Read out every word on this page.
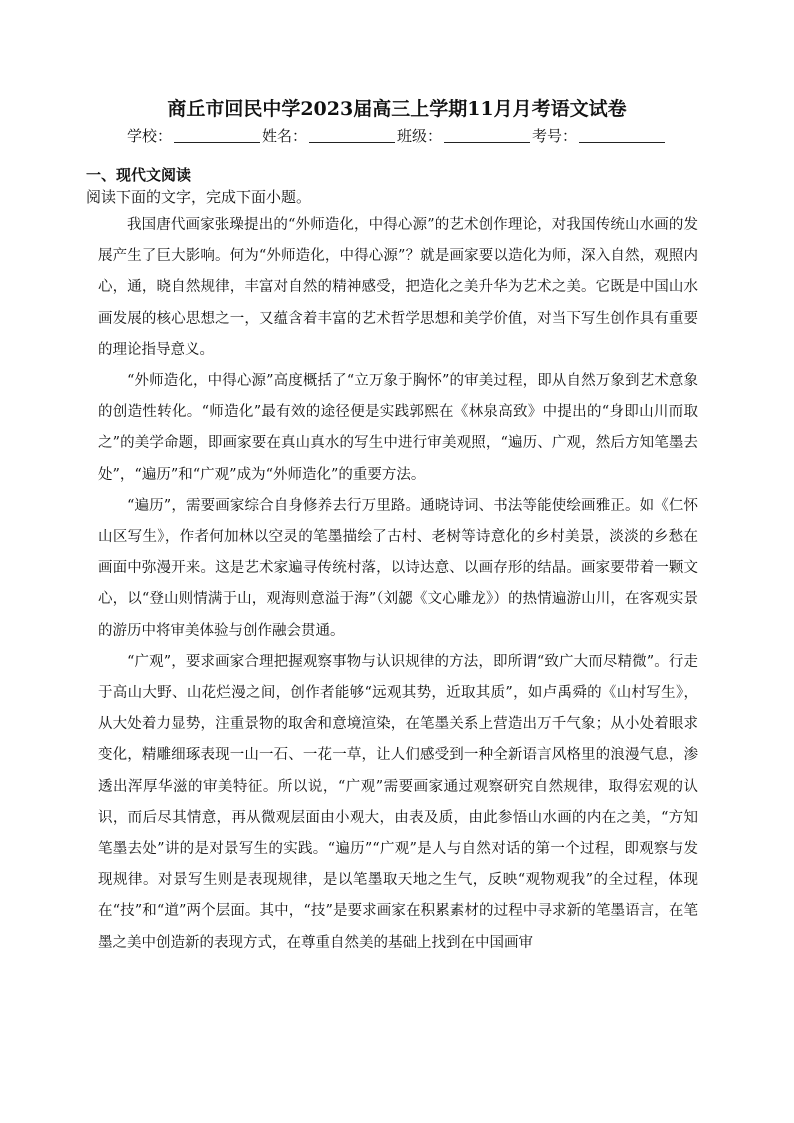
商丘市回民中学2023届高三上学期11月月考语文试卷
学校：	姓名：	班级：	考号：
一、现代文阅读
阅读下面的文字，完成下面小题。

我国唐代画家张璪提出的“外师造化，中得心源”的艺术创作理论，对我国传统山水画的发展产生了巨大影响。何为“外师造化，中得心源”？就是画家要以造化为师，深入自然，观照内心，通，晓自然规律，丰富对自然的精神感受，把造化之美升华为艺术之美。它既是中国山水画发展的核心思想之一，又蕴含着丰富的艺术哲学思想和美学价值，对当下写生创作具有重要的理论指导意义。

“外师造化，中得心源”高度概括了“立万象于胸怀”的审美过程，即从自然万象到艺术意象的创造性转化。“师造化”最有效的途径便是实践郭熙在《林泉高致》中提出的“身即山川而取之”的美学命题，即画家要在真山真水的写生中进行审美观照，“遍历、广观，然后方知笔墨去处”，“遍历”和“广观”成为“外师造化”的重要方法。

“遍历”，需要画家综合自身修养去行万里路。通晓诗词、书法等能使绘画雅正。如《仁怀山区写生》，作者何加林以空灵的笔墨描绘了古村、老树等诗意化的乡村美景，淡淡的乡愁在画面中弥漫开来。这是艺术家遍寻传统村落，以诗达意、以画存形的结晶。画家要带着一颗文心，以“登山则情满于山，观海则意溢于海”（刘勰《文心雕龙》）的热情遍游山川，在客观实景的游历中将审美体验与创作融会贯通。

“广观”，要求画家合理把握观察事物与认识规律的方法，即所谓“致广大而尽精微”。行走于高山大野、山花烂漫之间，创作者能够“远观其势，近取其质”，如卢禹舜的《山村写生》，从大处着力显势，注重景物的取舍和意境渲染，在笔墨关系上营造出万千气象；从小处着眼求变化，精雕细琢表现一山一石、一花一草，让人们感受到一种全新语言风格里的浪漫气息，渗透出浑厚华滋的审美特征。所以说，“广观”需要画家通过观察研究自然规律，取得宏观的认识，而后尽其情意，再从微观层面由小观大，由表及质，由此参悟山水画的内在之美，“方知笔墨去处”讲的是对景写生的实践。“遍历”“广观”是人与自然对话的第一个过程，即观察与发现规律。对景写生则是表现规律，是以笔墨取天地之生气，反映“观物观我”的全过程，体现在“技”和“道”两个层面。其中，“技”是要求画家在积累素材的过程中寻求新的笔墨语言，在笔墨之美中创造新的表现方式，在尊重自然美的基础上找到在中国画审
